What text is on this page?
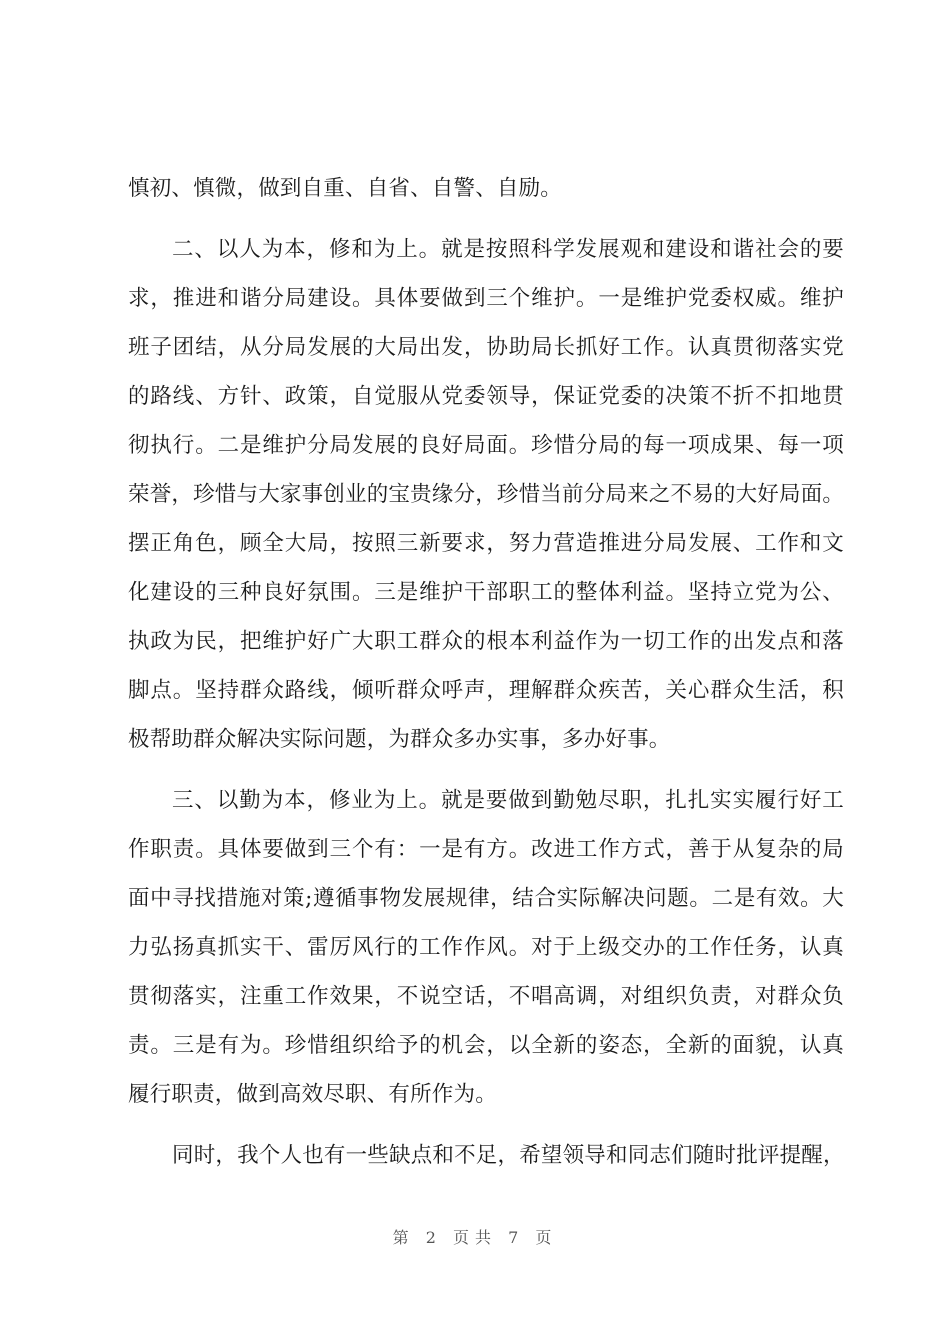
慎初、慎微，做到自重、自省、自警、自励。
二、以人为本，修和为上。就是按照科学发展观和建设和谐社会的要
求，推进和谐分局建设。具体要做到三个维护。一是维护党委权威。维护
班子团结，从分局发展的大局出发，协助局长抓好工作。认真贯彻落实党
的路线、方针、政策，自觉服从党委领导，保证党委的决策不折不扣地贯
彻执行。二是维护分局发展的良好局面。珍惜分局的每一项成果、每一项
荣誉，珍惜与大家事创业的宝贵缘分，珍惜当前分局来之不易的大好局面。
摆正角色，顾全大局，按照三新要求，努力营造推进分局发展、工作和文
化建设的三种良好氛围。三是维护干部职工的整体利益。坚持立党为公、
执政为民，把维护好广大职工群众的根本利益作为一切工作的出发点和落
脚点。坚持群众路线，倾听群众呼声，理解群众疾苦，关心群众生活，积
极帮助群众解决实际问题，为群众多办实事，多办好事。
三、以勤为本，修业为上。就是要做到勤勉尽职，扎扎实实履行好工
作职责。具体要做到三个有：一是有方。改进工作方式，善于从复杂的局
面中寻找措施对策;遵循事物发展规律，结合实际解决问题。二是有效。大
力弘扬真抓实干、雷厉风行的工作作风。对于上级交办的工作任务，认真
贯彻落实，注重工作效果，不说空话，不唱高调，对组织负责，对群众负
责。三是有为。珍惜组织给予的机会，以全新的姿态，全新的面貌，认真
履行职责，做到高效尽职、有所作为。
同时，我个人也有一些缺点和不足，希望领导和同志们随时批评提醒，
第 2 页共 7 页
